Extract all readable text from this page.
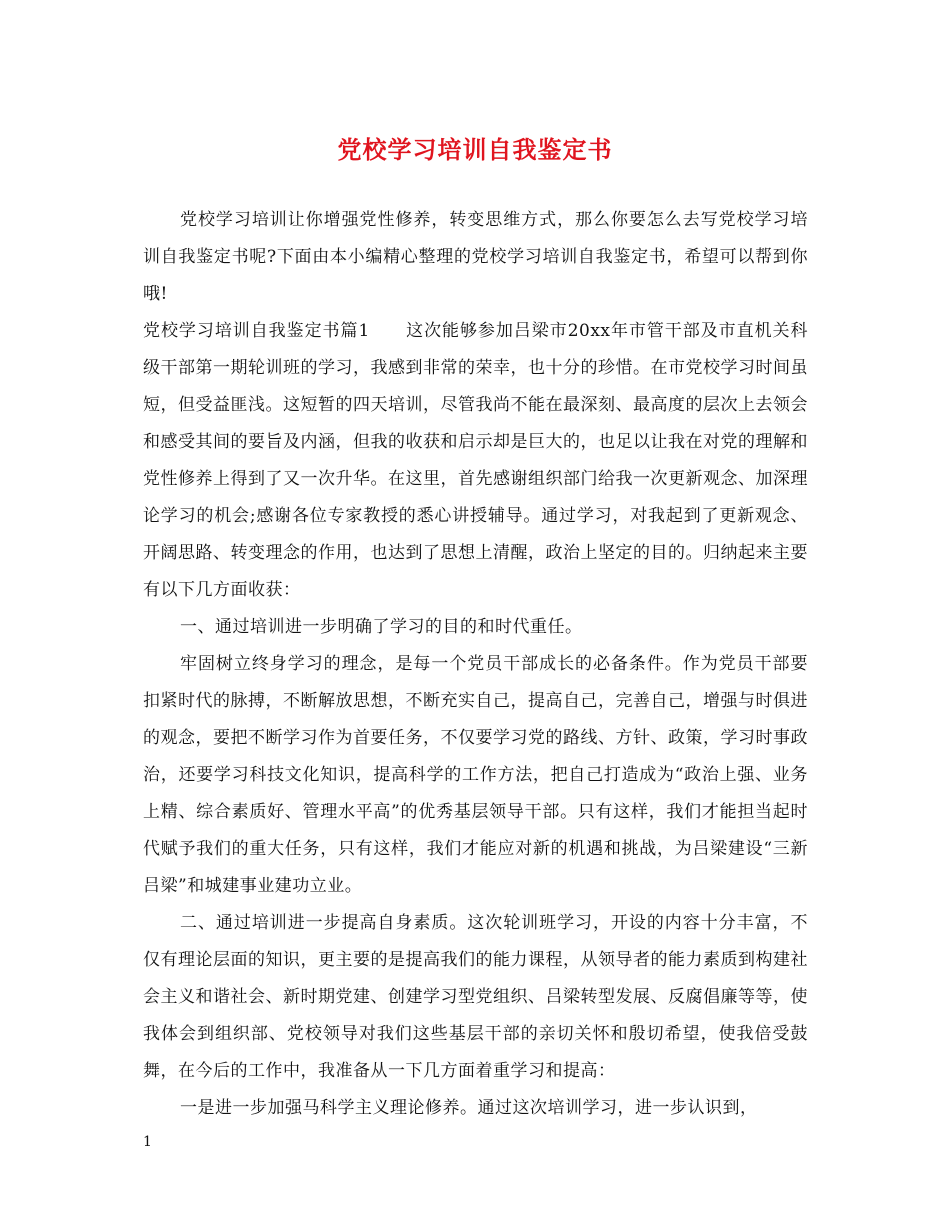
党校学习培训自我鉴定书

党校学习培训让你增强党性修养，转变思维方式，那么你要怎么去写党校学习培训自我鉴定书呢?下面由本小编精心整理的党校学习培训自我鉴定书，希望可以帮到你哦!

党校学习培训自我鉴定书篇1　　这次能够参加吕梁市20xx年市管干部及市直机关科级干部第一期轮训班的学习，我感到非常的荣幸，也十分的珍惜。在市党校学习时间虽短，但受益匪浅。这短暂的四天培训，尽管我尚不能在最深刻、最高度的层次上去领会和感受其间的要旨及内涵，但我的收获和启示却是巨大的，也足以让我在对党的理解和党性修养上得到了又一次升华。在这里，首先感谢组织部门给我一次更新观念、加深理论学习的机会;感谢各位专家教授的悉心讲授辅导。通过学习，对我起到了更新观念、开阔思路、转变理念的作用，也达到了思想上清醒，政治上坚定的目的。归纳起来主要有以下几方面收获：

一、通过培训进一步明确了学习的目的和时代重任。

牢固树立终身学习的理念，是每一个党员干部成长的必备条件。作为党员干部要扣紧时代的脉搏，不断解放思想，不断充实自己，提高自己，完善自己，增强与时俱进的观念，要把不断学习作为首要任务，不仅要学习党的路线、方针、政策，学习时事政治，还要学习科技文化知识，提高科学的工作方法，把自己打造成为“政治上强、业务上精、综合素质好、管理水平高”的优秀基层领导干部。只有这样，我们才能担当起时代赋予我们的重大任务，只有这样，我们才能应对新的机遇和挑战，为吕梁建设“三新吕梁”和城建事业建功立业。

二、通过培训进一步提高自身素质。这次轮训班学习，开设的内容十分丰富，不仅有理论层面的知识，更主要的是提高我们的能力课程，从领导者的能力素质到构建社会主义和谐社会、新时期党建、创建学习型党组织、吕梁转型发展、反腐倡廉等等，使我体会到组织部、党校领导对我们这些基层干部的亲切关怀和殷切希望，使我倍受鼓舞，在今后的工作中，我准备从一下几方面着重学习和提高：

一是进一步加强马科学主义理论修养。通过这次培训学习，进一步认识到，

1
